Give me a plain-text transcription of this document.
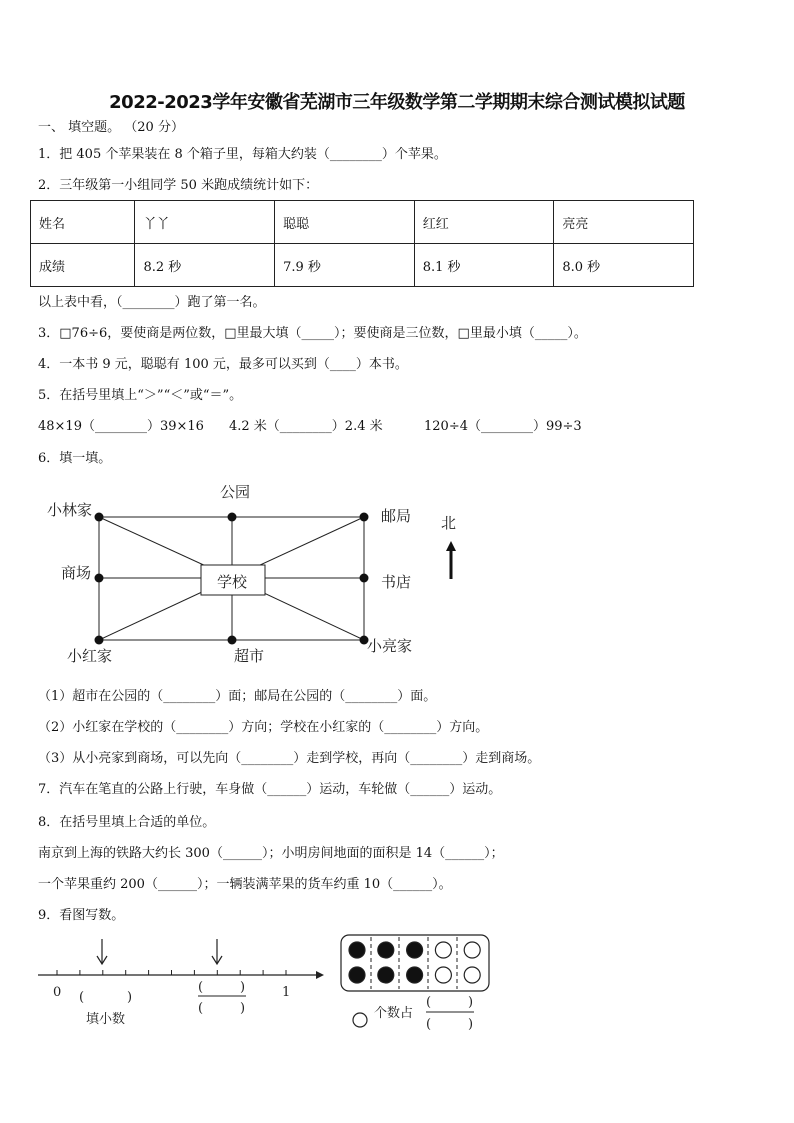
2022-2023学年安徽省芜湖市三年级数学第二学期期末综合测试模拟试题
一、 填空题。 （20 分）
1．把 405 个苹果装在 8 个箱子里，每箱大约装（________）个苹果。
2．三年级第一小组同学 50 米跑成绩统计如下：
姓名	丫丫	聪聪	红红	亮亮
成绩	8.2 秒	7.9 秒	8.1 秒	8.0 秒
以上表中看，（________）跑了第一名。
3．□76÷6，要使商是两位数，□里最大填（_____）；要使商是三位数，□里最小填（_____）。
4．一本书 9 元，聪聪有 100 元，最多可以买到（____）本书。
5．在括号里填上“＞”“＜”或“＝”。
48×19（________）39×16 4.2 米（________）2.4 米	120÷4（________）99÷3
6．填一填。
小林家
公园
邮局
商场	学校	书店
小红家	超市
小亮家
北
（1）超市在公园的（________）面；邮局在公园的（________）面。
（2）小红家在学校的（________）方向；学校在小红家的（________）方向。
（3）从小亮家到商场，可以先向（________）走到学校，再向（________）走到商场。
7．汽车在笔直的公路上行驶，车身做（______）运动，车轮做（______）运动。
8．在括号里填上合适的单位。
南京到上海的铁路大约长 300（______）；小明房间地面的面积是 14（______）；
一个苹果重约 200（______）；一辆装满苹果的货车约重 10（______）。
9．看图写数。
0	1
(	)
(	)
(	)
填小数	个数占
(	)
(	)
